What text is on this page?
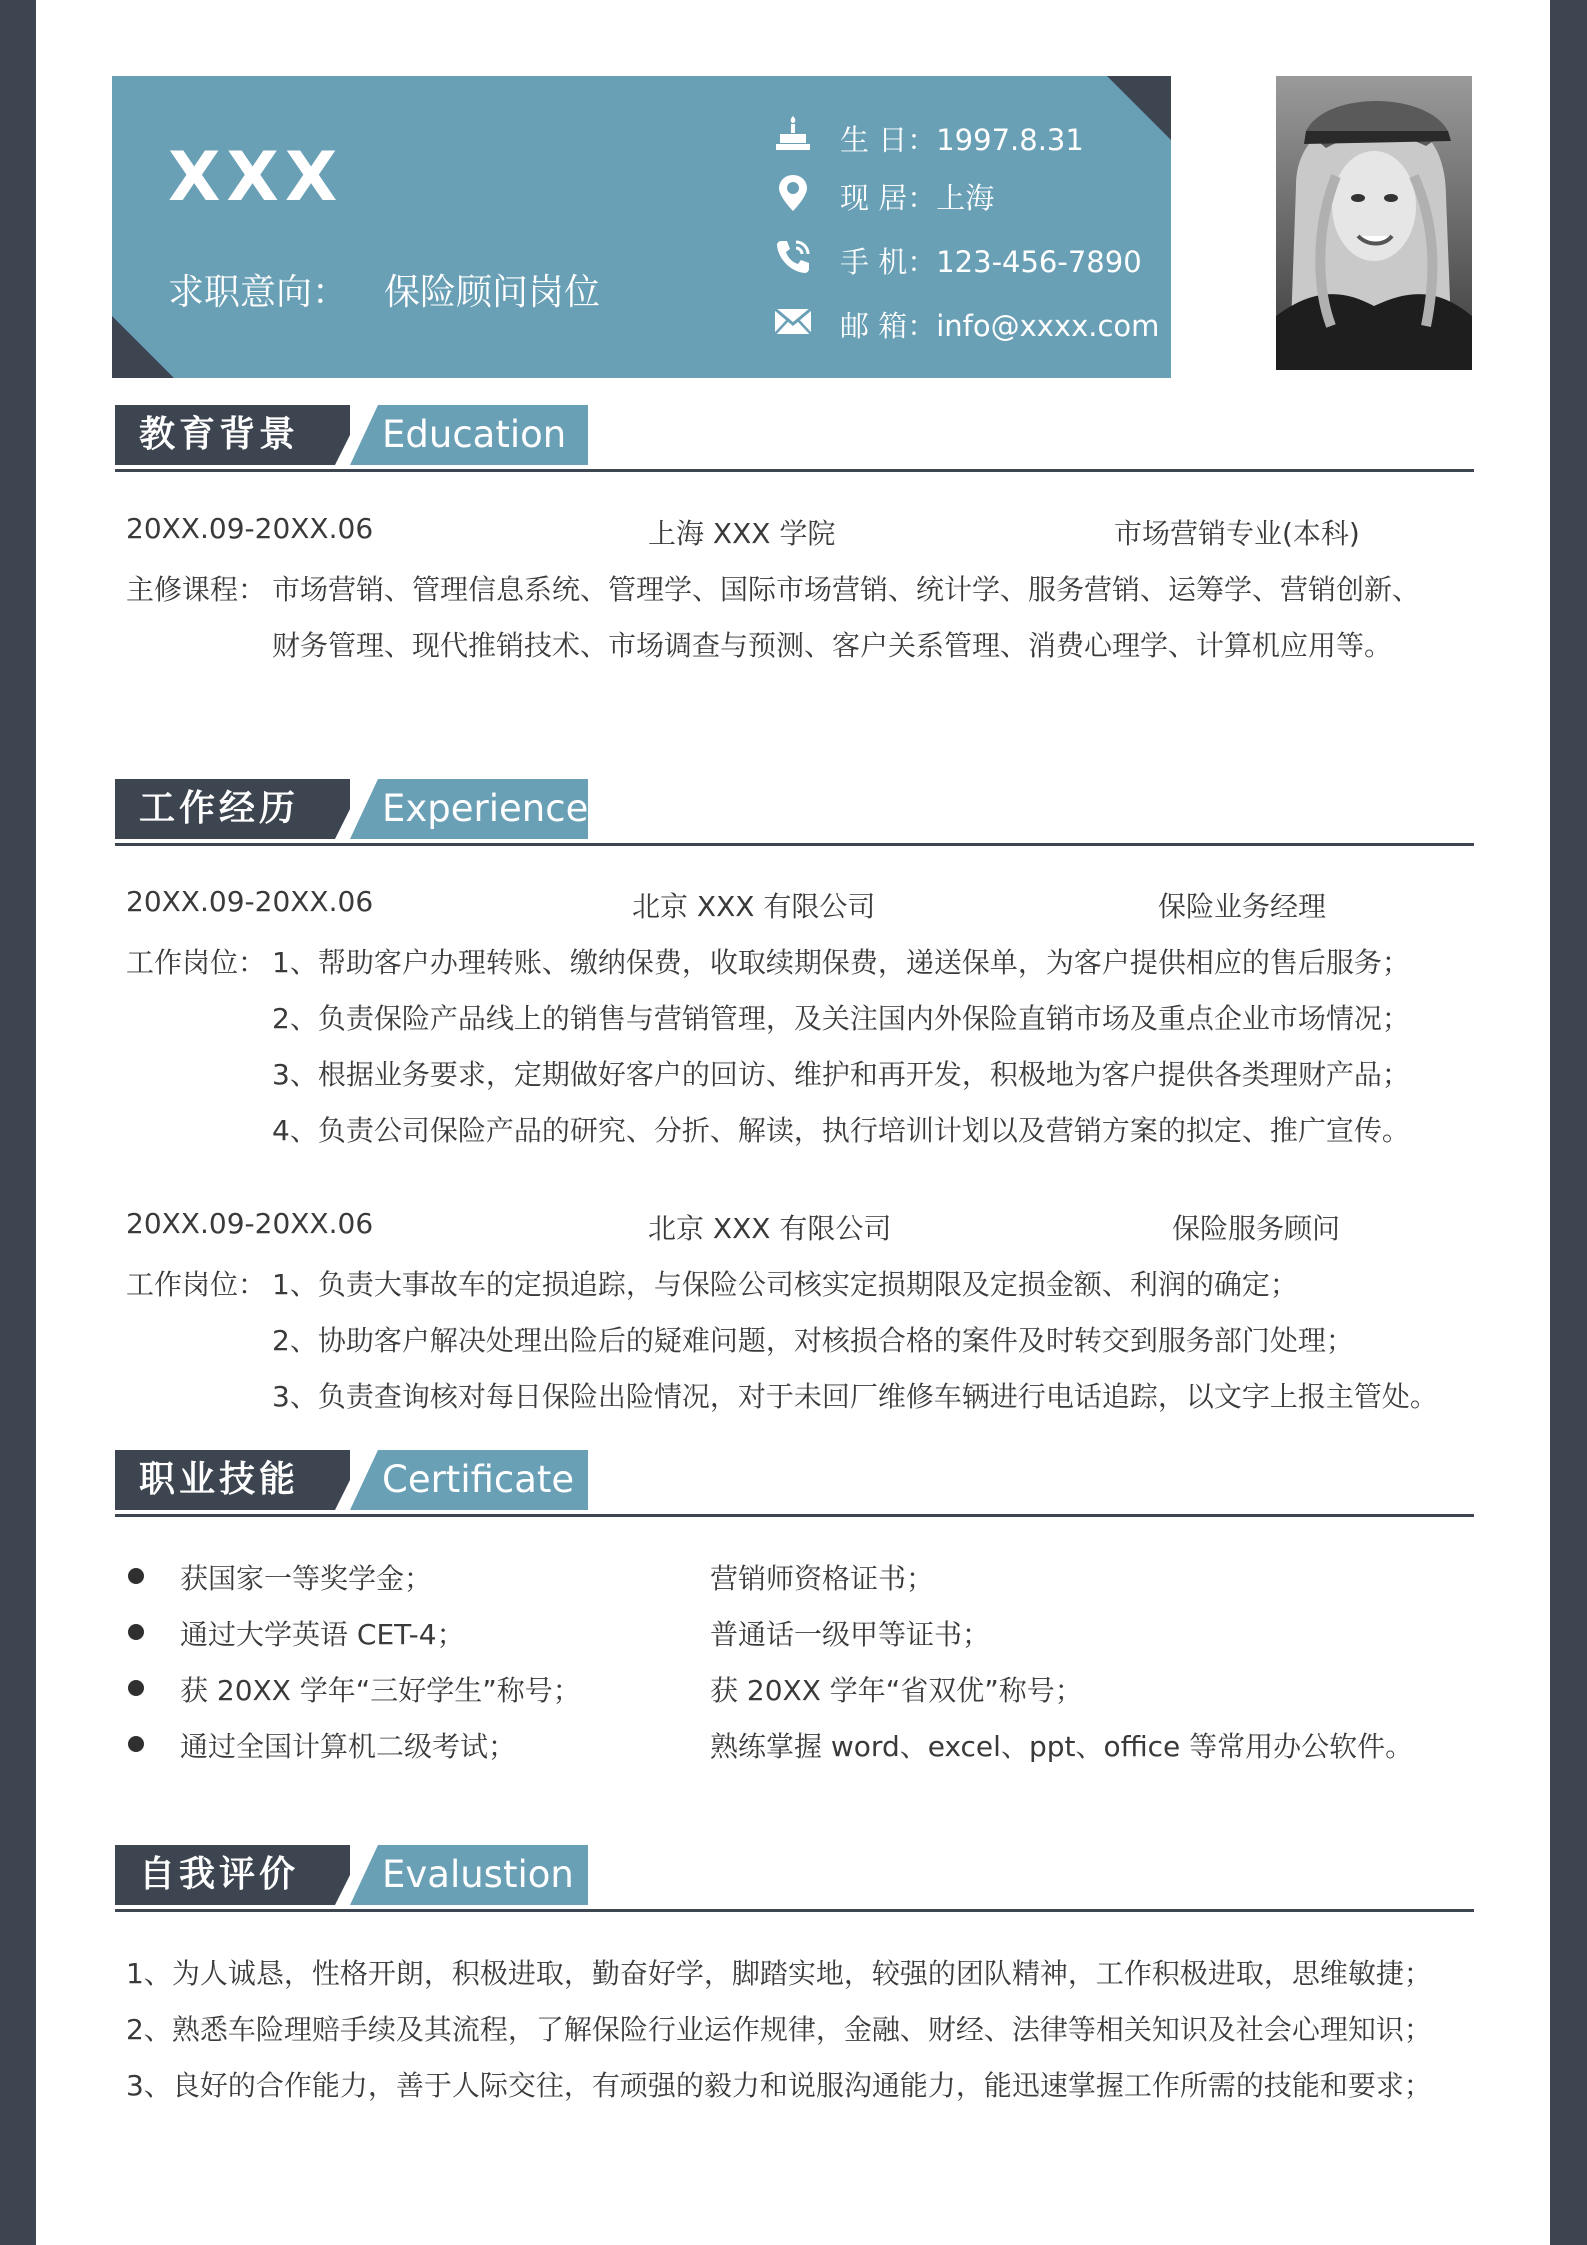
XXX
求职意向： 保险顾问岗位
生 日：1997.8.31
现 居：上海
手 机：123-456-7890
邮 箱：info@xxxx.com
教育背景	Education
20XX.09-20XX.06	上海 XXX 学院	市场营销专业(本科)
主修课程： 市场营销、管理信息系统、管理学、国际市场营销、统计学、服务营销、运筹学、营销创新、
财务管理、现代推销技术、市场调查与预测、客户关系管理、消费心理学、计算机应用等。
工作经历	Experience
20XX.09-20XX.06	北京 XXX 有限公司	保险业务经理
工作岗位： 1、帮助客户办理转账、缴纳保费，收取续期保费，递送保单，为客户提供相应的售后服务；
2、负责保险产品线上的销售与营销管理，及关注国内外保险直销市场及重点企业市场情况；
3、根据业务要求，定期做好客户的回访、维护和再开发，积极地为客户提供各类理财产品；
4、负责公司保险产品的研究、分折、解读，执行培训计划以及营销方案的拟定、推广宣传。
20XX.09-20XX.06	北京 XXX 有限公司	保险服务顾问
工作岗位： 1、负责大事故车的定损追踪，与保险公司核实定损期限及定损金额、利润的确定；
2、协助客户解决处理出险后的疑难问题，对核损合格的案件及时转交到服务部门处理；
3、负责查询核对每日保险出险情况，对于未回厂维修车辆进行电话追踪，以文字上报主管处。
职业技能	Certificate
获国家一等奖学金；	营销师资格证书；
通过大学英语 CET-4；	普通话一级甲等证书；
获 20XX 学年“三好学生”称号；	获 20XX 学年“省双优”称号；
通过全国计算机二级考试；	熟练掌握 word、excel、ppt、office 等常用办公软件。
自我评价	Evalustion
1、为人诚恳，性格开朗，积极进取，勤奋好学，脚踏实地，较强的团队精神，工作积极进取，思维敏捷；
2、熟悉车险理赔手续及其流程，了解保险行业运作规律，金融、财经、法律等相关知识及社会心理知识；
3、良好的合作能力，善于人际交往，有顽强的毅力和说服沟通能力，能迅速掌握工作所需的技能和要求；
